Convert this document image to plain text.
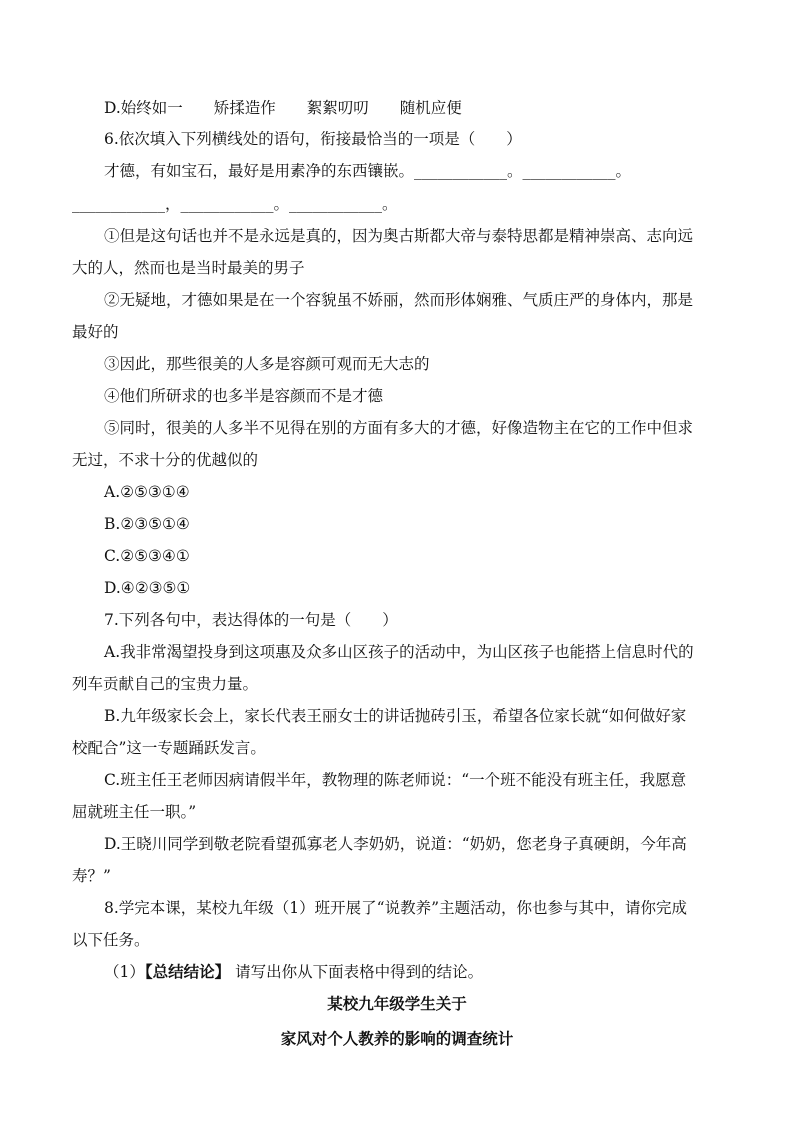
D.始终如一　　矫揉造作　　絮絮叨叨　　随机应便
6.依次填入下列横线处的语句，衔接最恰当的一项是（　　）
才德，有如宝石，最好是用素净的东西镶嵌。____________。____________。
____________，____________。____________。
①但是这句话也并不是永远是真的，因为奥古斯都大帝与泰特思都是精神崇高、志向远
大的人，然而也是当时最美的男子
②无疑地，才德如果是在一个容貌虽不娇丽，然而形体娴雅、气质庄严的身体内，那是
最好的
③因此，那些很美的人多是容颜可观而无大志的
④他们所研求的也多半是容颜而不是才德
⑤同时，很美的人多半不见得在别的方面有多大的才德，好像造物主在它的工作中但求
无过，不求十分的优越似的
A.②⑤③①④
B.②③⑤①④
C.②⑤③④①
D.④②③⑤①
7.下列各句中，表达得体的一句是（　　）
A.我非常渴望投身到这项惠及众多山区孩子的活动中，为山区孩子也能搭上信息时代的
列车贡献自己的宝贵力量。
B.九年级家长会上，家长代表王丽女士的讲话抛砖引玉，希望各位家长就“如何做好家
校配合”这一专题踊跃发言。
C.班主任王老师因病请假半年，教物理的陈老师说：“一个班不能没有班主任，我愿意
屈就班主任一职。”
D.王晓川同学到敬老院看望孤寡老人李奶奶，说道：“奶奶，您老身子真硬朗，今年高
寿？”
8.学完本课，某校九年级（1）班开展了“说教养”主题活动，你也参与其中，请你完成
以下任务。
（1）【总结结论】 请写出你从下面表格中得到的结论。
某校九年级学生关于
家风对个人教养的影响的调查统计
